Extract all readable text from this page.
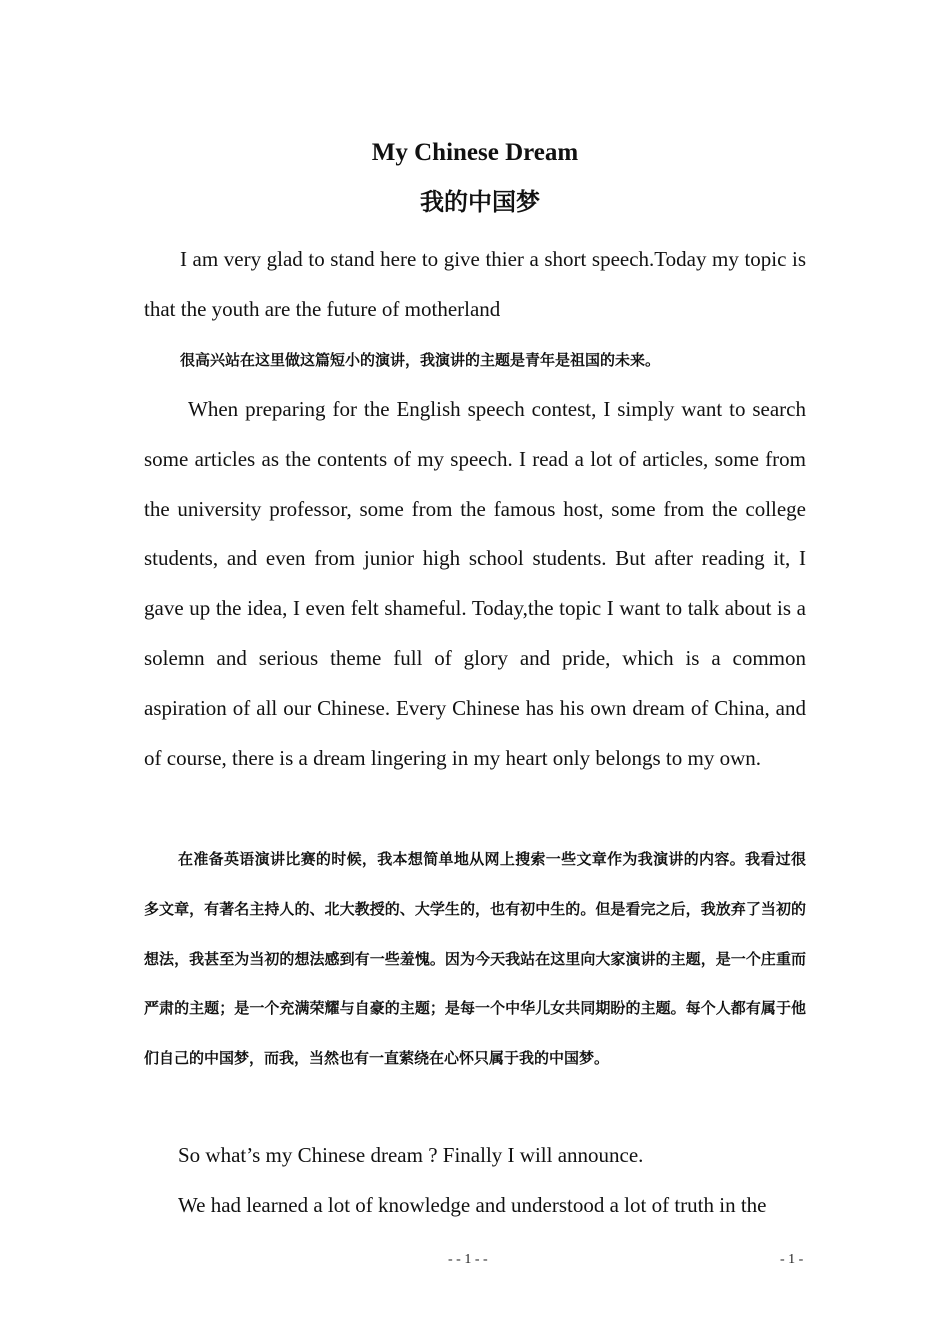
My Chinese Dream
我的中国梦

I am very glad to stand here to give thier a short speech.Today my topic is that the youth are the future of motherland

很高兴站在这里做这篇短小的演讲，我演讲的主题是青年是祖国的未来。

When preparing for the English speech contest, I simply want to search some articles as the contents of my speech. I read a lot of articles, some from the university professor, some from the famous host, some from the college students, and even from junior high school students. But after reading it, I gave up the idea, I even felt shameful. Today,the topic I want to talk about is a solemn and serious theme full of glory and pride, which is a common aspiration of all our Chinese. Every Chinese has his own dream of China, and of course, there is a dream lingering in my heart only belongs to my own.

在准备英语演讲比赛的时候，我本想简单地从网上搜索一些文章作为我演讲的内容。我看过很多文章，有著名主持人的、北大教授的、大学生的，也有初中生的。但是看完之后，我放弃了当初的想法，我甚至为当初的想法感到有一些羞愧。因为今天我站在这里向大家演讲的主题，是一个庄重而严肃的主题；是一个充满荣耀与自豪的主题；是每一个中华儿女共同期盼的主题。每个人都有属于他们自己的中国梦，而我，当然也有一直萦绕在心怀只属于我的中国梦。

So what’s my Chinese dream ? Finally I will announce.

We had learned a lot of knowledge and understood a lot of truth in the

- - 1 - -	- 1 -
